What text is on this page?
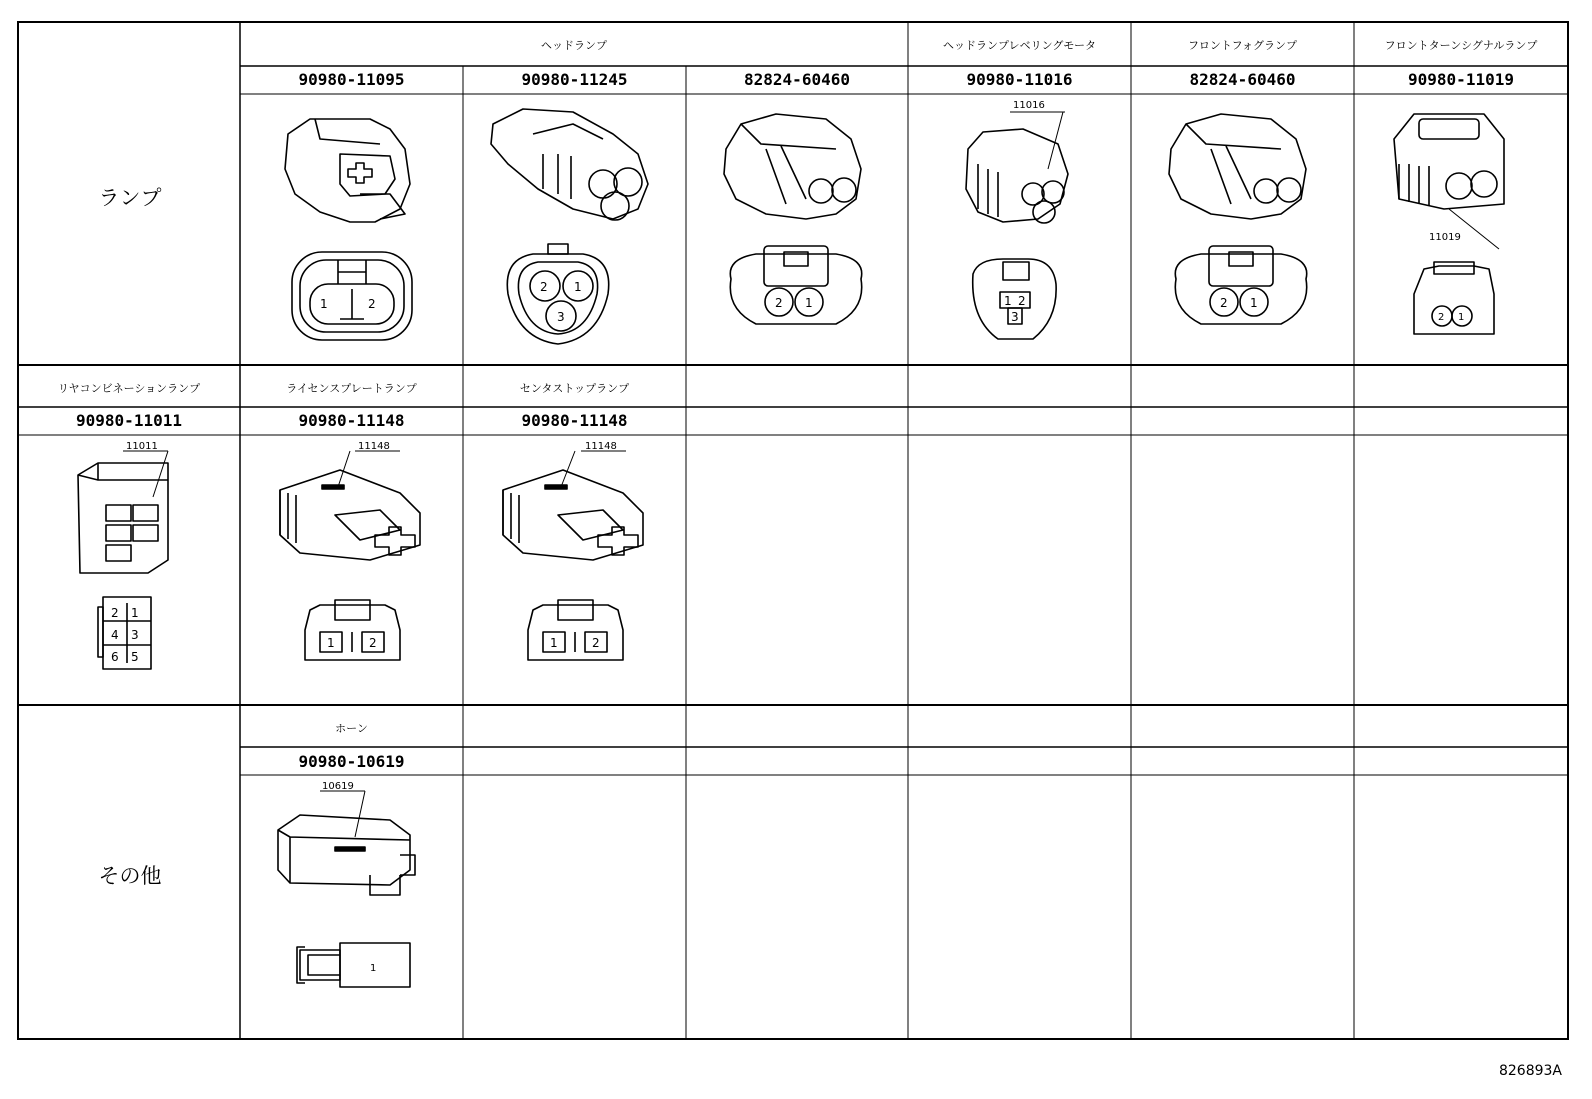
ランプ
その他
ヘッドランプ	ヘッドランプレベリングモータ	フロントフォグランプ	フロントターンシグナルランプ
90980-11095	90980-11245	82824-60460	90980-11016	82824-60460	90980-11019
リヤコンビネーションランプ	ライセンスプレートランプ	センタストップランプ
90980-11011	90980-11148	90980-11148
ホーン
90980-10619
1	2
2 1
3
2 1
11016
1 2
3
2 1
11019
2 1
11011
2 1
4 3
6 5
11148
1	2
11148
1	2
10619
1
826893A
